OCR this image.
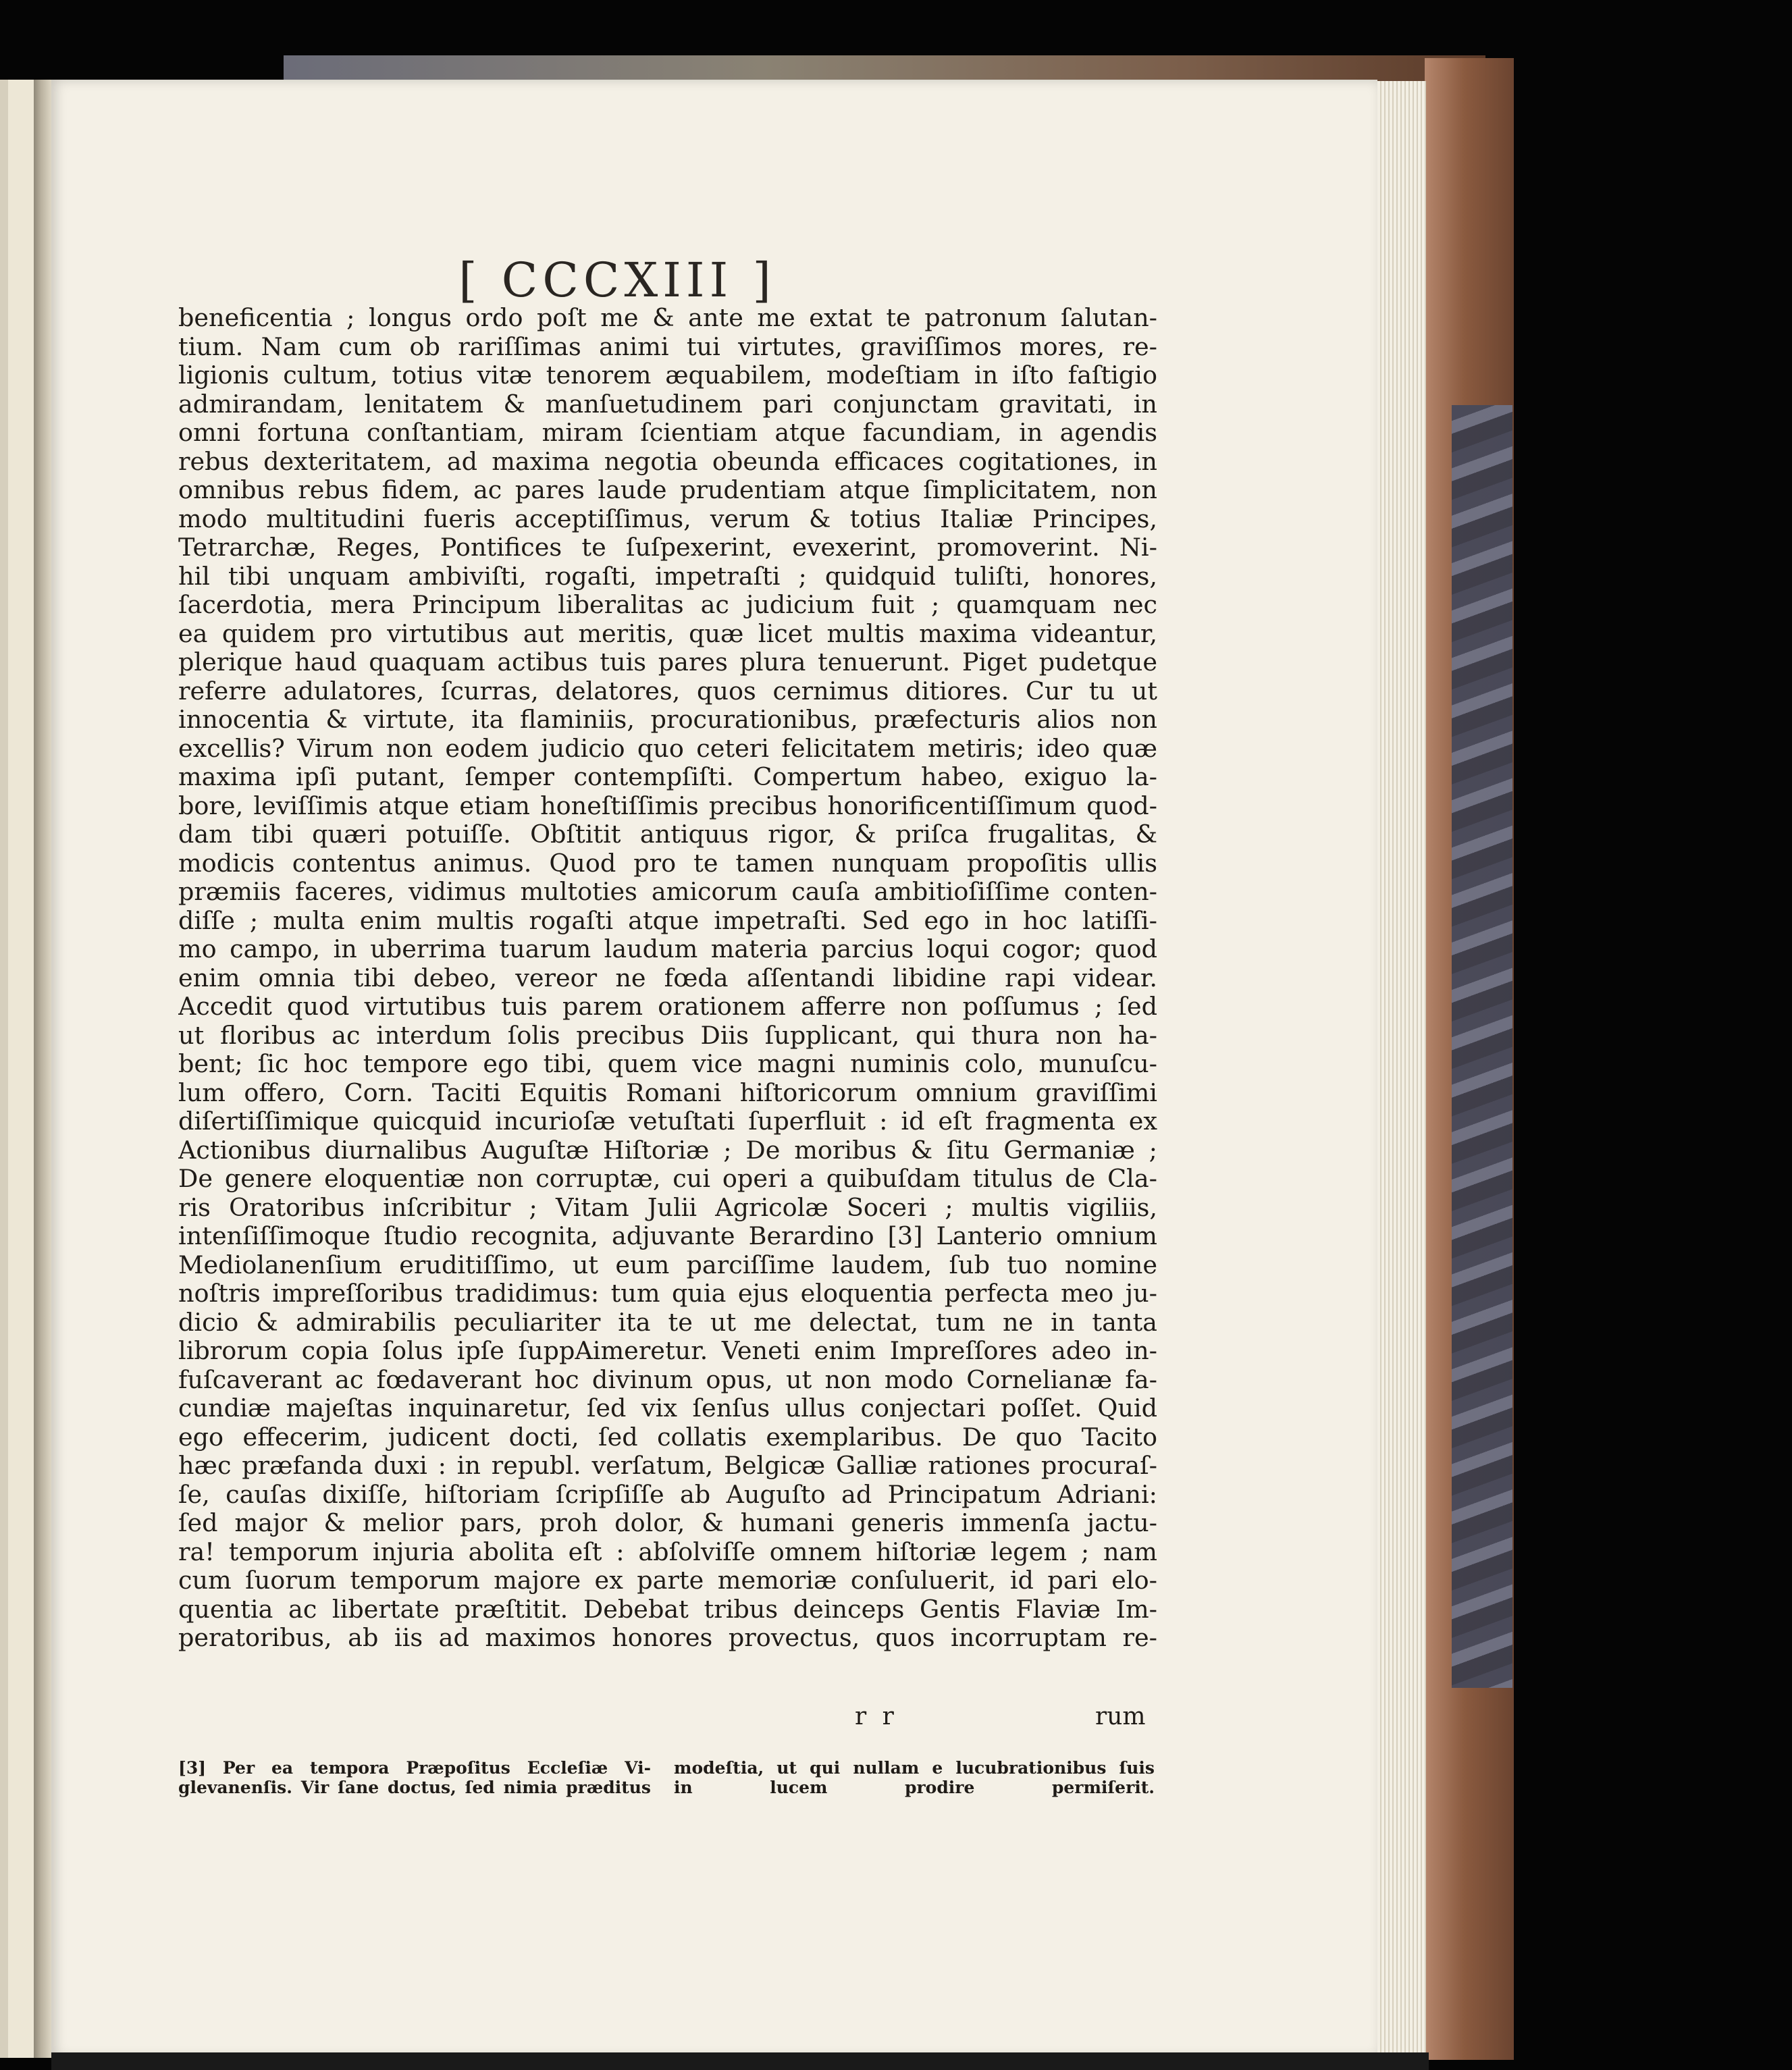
[ CCCXIII ]
beneficentia ; longus ordo poſt me & ante me extat te patronum ſalutan-
tium. Nam cum ob rariſſimas animi tui virtutes, graviſſimos mores, re-
ligionis cultum, totius vitæ tenorem æquabilem, modeſtiam in iſto faſtigio
admirandam, lenitatem & manſuetudinem pari conjunctam gravitati, in
omni fortuna conſtantiam, miram ſcientiam atque facundiam, in agendis
rebus dexteritatem, ad maxima negotia obeunda efficaces cogitationes, in
omnibus rebus fidem, ac pares laude prudentiam atque ſimplicitatem, non
modo multitudini fueris acceptiſſimus, verum & totius Italiæ Principes,
Tetrarchæ, Reges, Pontifices te ſuſpexerint, evexerint, promoverint. Ni-
hil tibi unquam ambiviſti, rogaſti, impetraſti ; quidquid tuliſti, honores,
ſacerdotia, mera Principum liberalitas ac judicium fuit ; quamquam nec
ea quidem pro virtutibus aut meritis, quæ licet multis maxima videantur,
plerique haud quaquam actibus tuis pares plura tenuerunt. Piget pudetque
referre adulatores, ſcurras, delatores, quos cernimus ditiores. Cur tu ut
innocentia & virtute, ita flaminiis, procurationibus, præfecturis alios non
excellis? Virum non eodem judicio quo ceteri felicitatem metiris; ideo quæ
maxima ipſi putant, ſemper contempſiſti. Compertum habeo, exiguo la-
bore, leviſſimis atque etiam honeſtiſſimis precibus honorificentiſſimum quod-
dam tibi quæri potuiſſe. Obſtitit antiquus rigor, & priſca frugalitas, &
modicis contentus animus. Quod pro te tamen nunquam propoſitis ullis
præmiis faceres, vidimus multoties amicorum cauſa ambitioſiſſime conten-
diſſe ; multa enim multis rogaſti atque impetraſti. Sed ego in hoc latiſſi-
mo campo, in uberrima tuarum laudum materia parcius loqui cogor; quod
enim omnia tibi debeo, vereor ne fœda aſſentandi libidine rapi videar.
Accedit quod virtutibus tuis parem orationem afferre non poſſumus ; ſed
ut floribus ac interdum ſolis precibus Diis ſupplicant, qui thura non ha-
bent; ſic hoc tempore ego tibi, quem vice magni numinis colo, munuſcu-
lum offero, Corn. Taciti Equitis Romani hiſtoricorum omnium graviſſimi
diſertiſſimique quicquid incurioſæ vetuſtati ſuperfluit : id eſt fragmenta ex
Actionibus diurnalibus Auguſtæ Hiſtoriæ ; De moribus & ſitu Germaniæ ;
De genere eloquentiæ non corruptæ, cui operi a quibuſdam titulus de Cla-
ris Oratoribus inſcribitur ; Vitam Julii Agricolæ Soceri ; multis vigiliis,
intenſiſſimoque ſtudio recognita, adjuvante Berardino [3] Lanterio omnium
Mediolanenſium eruditiſſimo, ut eum parciſſime laudem, ſub tuo nomine
noſtris impreſſoribus tradidimus: tum quia ejus eloquentia perfecta meo ju-
dicio & admirabilis peculiariter ita te ut me delectat, tum ne in tanta
librorum copia ſolus ipſe ſuppAimeretur. Veneti enim Impreſſores adeo in-
fuſcaverant ac fœdaverant hoc divinum opus, ut non modo Cornelianæ fa-
cundiæ majeſtas inquinaretur, ſed vix ſenſus ullus conjectari poſſet. Quid
ego effecerim, judicent docti, ſed collatis exemplaribus. De quo Tacito
hæc præfanda duxi : in republ. verſatum, Belgicæ Galliæ rationes procuraſ-
ſe, cauſas dixiſſe, hiſtoriam ſcripſiſſe ab Auguſto ad Principatum Adriani:
ſed major & melior pars, proh dolor, & humani generis immenſa jactu-
ra! temporum injuria abolita eſt : abſolviſſe omnem hiſtoriæ legem ; nam
cum ſuorum temporum majore ex parte memoriæ conſuluerit, id pari elo-
quentia ac libertate præſtitit. Debebat tribus deinceps Gentis Flaviæ Im-
peratoribus, ab iis ad maximos honores provectus, quos incorruptam re-
r r	rum
[3] Per ea tempora Præpoſitus Eccleſiæ Vi-
glevanenſis. Vir ſane doctus, ſed nimia præditus
modeſtia, ut qui nullam e lucubrationibus ſuis
in lucem prodire permiſerit.
